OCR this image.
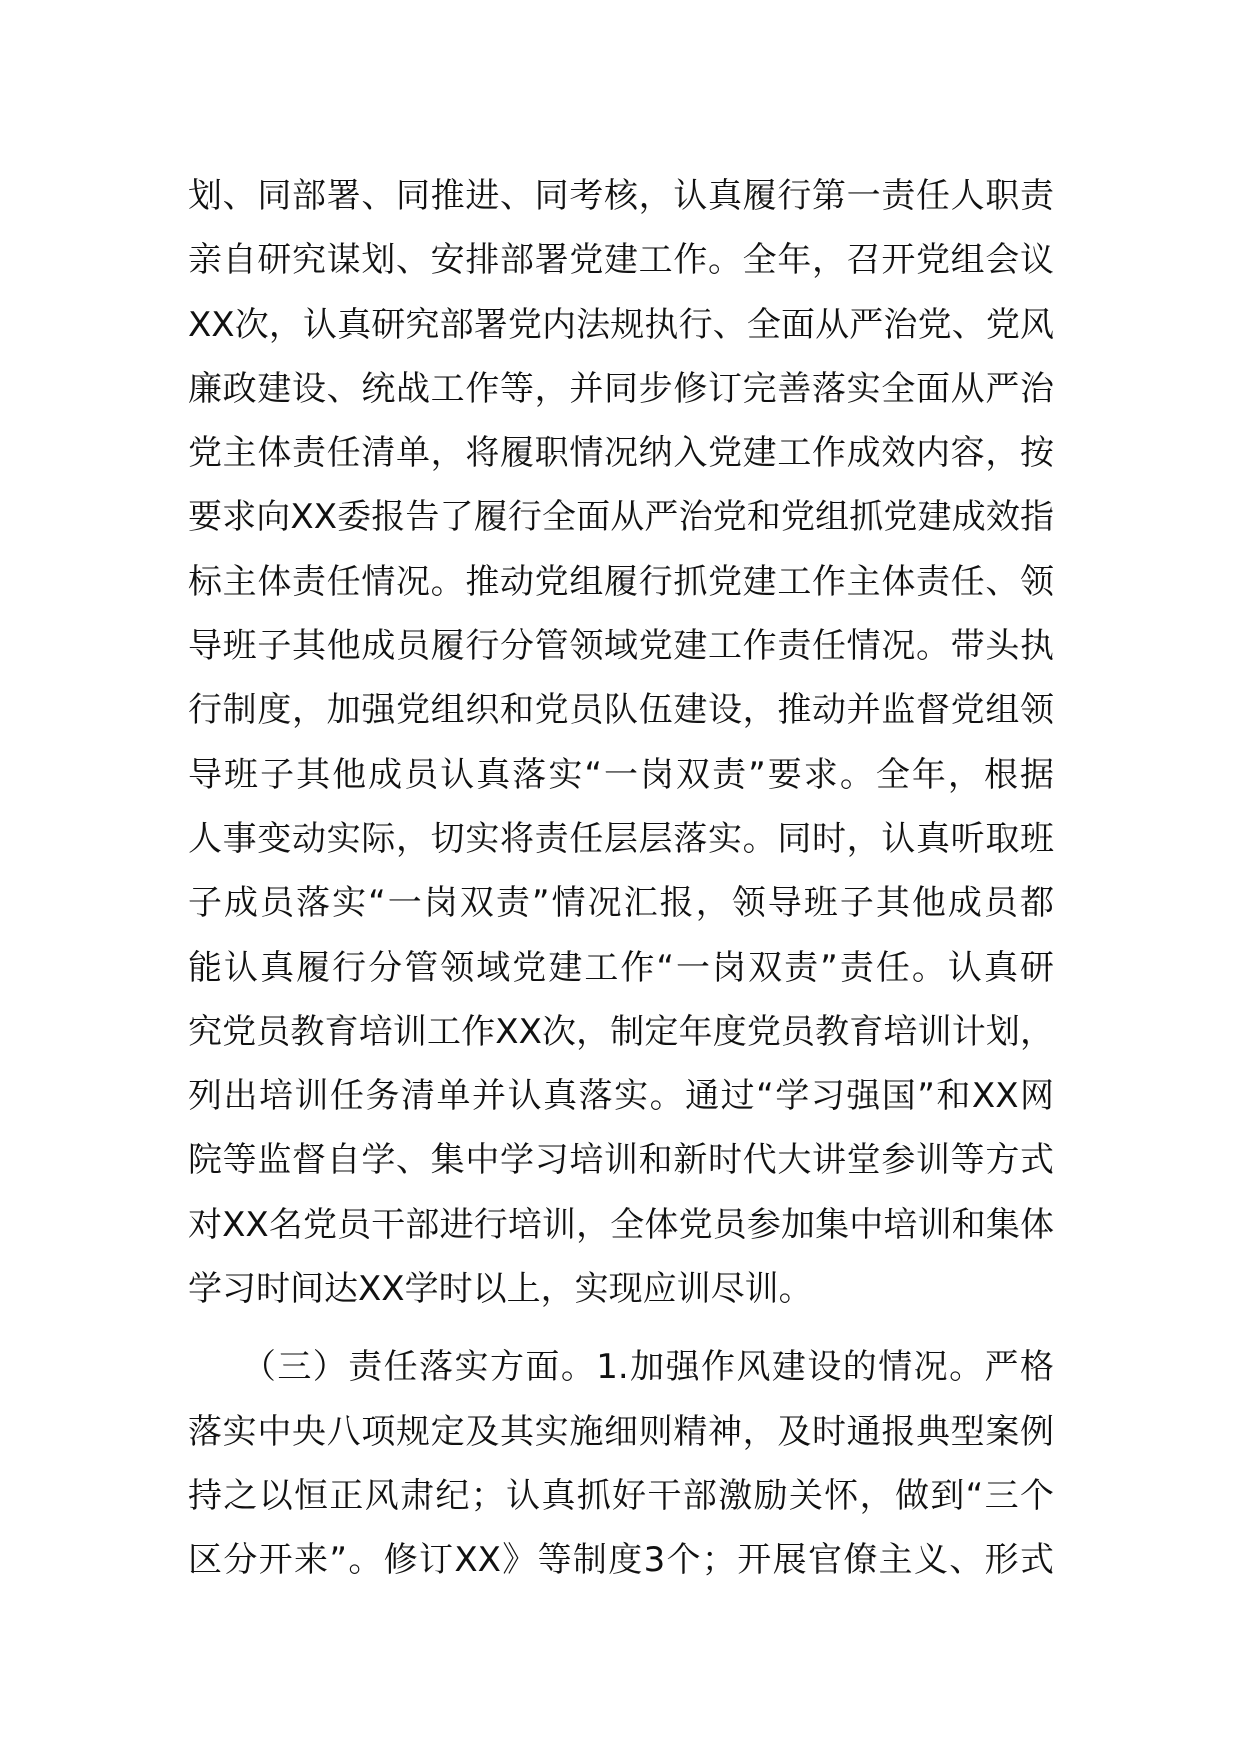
划、同部署、同推进、同考核，认真履行第一责任人职责
亲自研究谋划、安排部署党建工作。全年，召开党组会议
XX次，认真研究部署党内法规执行、全面从严治党、党风
廉政建设、统战工作等，并同步修订完善落实全面从严治
党主体责任清单，将履职情况纳入党建工作成效内容，按
要求向XX委报告了履行全面从严治党和党组抓党建成效指
标主体责任情况。推动党组履行抓党建工作主体责任、领
导班子其他成员履行分管领域党建工作责任情况。带头执
行制度，加强党组织和党员队伍建设，推动并监督党组领
导班子其他成员认真落实“一岗双责”要求。全年，根据
人事变动实际，切实将责任层层落实。同时，认真听取班
子成员落实“一岗双责”情况汇报，领导班子其他成员都
能认真履行分管领域党建工作“一岗双责”责任。认真研
究党员教育培训工作XX次，制定年度党员教育培训计划，
列出培训任务清单并认真落实。通过“学习强国”和XX网
院等监督自学、集中学习培训和新时代大讲堂参训等方式
对XX名党员干部进行培训，全体党员参加集中培训和集体
学习时间达XX学时以上，实现应训尽训。
　　（三）责任落实方面。1.加强作风建设的情况。严格
落实中央八项规定及其实施细则精神，及时通报典型案例
持之以恒正风肃纪；认真抓好干部激励关怀，做到“三个
区分开来”。修订XX》等制度3个；开展官僚主义、形式
